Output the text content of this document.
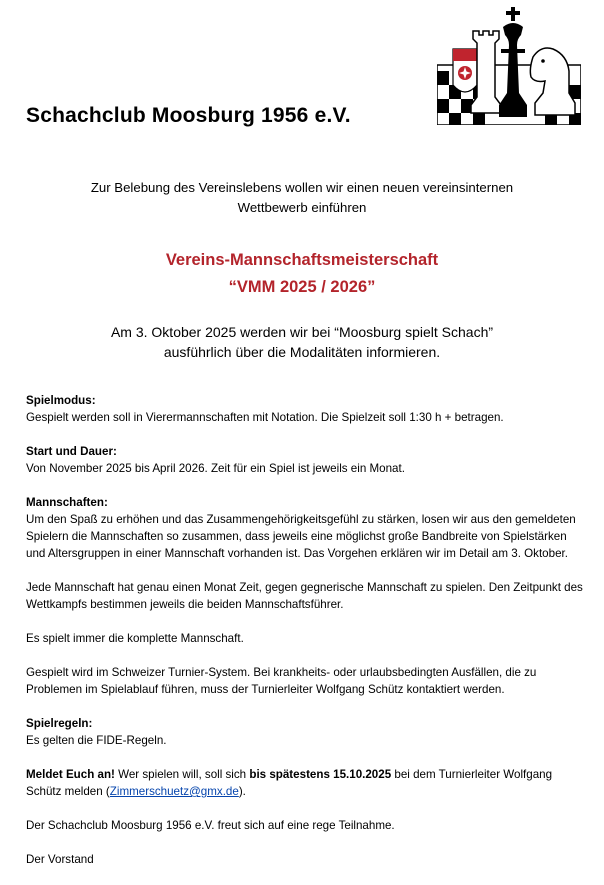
Schachclub Moosburg 1956 e.V.
Zur Belebung des Vereinslebens wollen wir einen neuen vereinsinternen
Wettbewerb einführen
Vereins-Mannschaftsmeisterschaft
“VMM 2025 / 2026”
Am 3. Oktober 2025 werden wir bei “Moosburg spielt Schach”
ausführlich über die Modalitäten informieren.

Spielmodus:
Gespielt werden soll in Vierermannschaften mit Notation. Die Spielzeit soll 1:30 h + betragen.

Start und Dauer:
Von November 2025 bis April 2026. Zeit für ein Spiel ist jeweils ein Monat.

Mannschaften:
Um den Spaß zu erhöhen und das Zusammengehörigkeitsgefühl zu stärken, losen wir aus den gemeldeten Spielern die Mannschaften so zusammen, dass jeweils eine möglichst große Bandbreite von Spielstärken und Altersgruppen in einer Mannschaft vorhanden ist. Das Vorgehen erklären wir im Detail am 3. Oktober.

Jede Mannschaft hat genau einen Monat Zeit, gegen gegnerische Mannschaft zu spielen. Den Zeitpunkt des Wettkampfs bestimmen jeweils die beiden Mannschaftsführer.

Es spielt immer die komplette Mannschaft.

Gespielt wird im Schweizer Turnier-System. Bei krankheits- oder urlaubsbedingten Ausfällen, die zu Problemen im Spielablauf führen, muss der Turnierleiter Wolfgang Schütz kontaktiert werden.

Spielregeln:
Es gelten die FIDE-Regeln.

Meldet Euch an! Wer spielen will, soll sich bis spätestens 15.10.2025 bei dem Turnierleiter Wolfgang Schütz melden (Zimmerschuetz@gmx.de).

Der Schachclub Moosburg 1956 e.V. freut sich auf eine rege Teilnahme.

Der Vorstand
